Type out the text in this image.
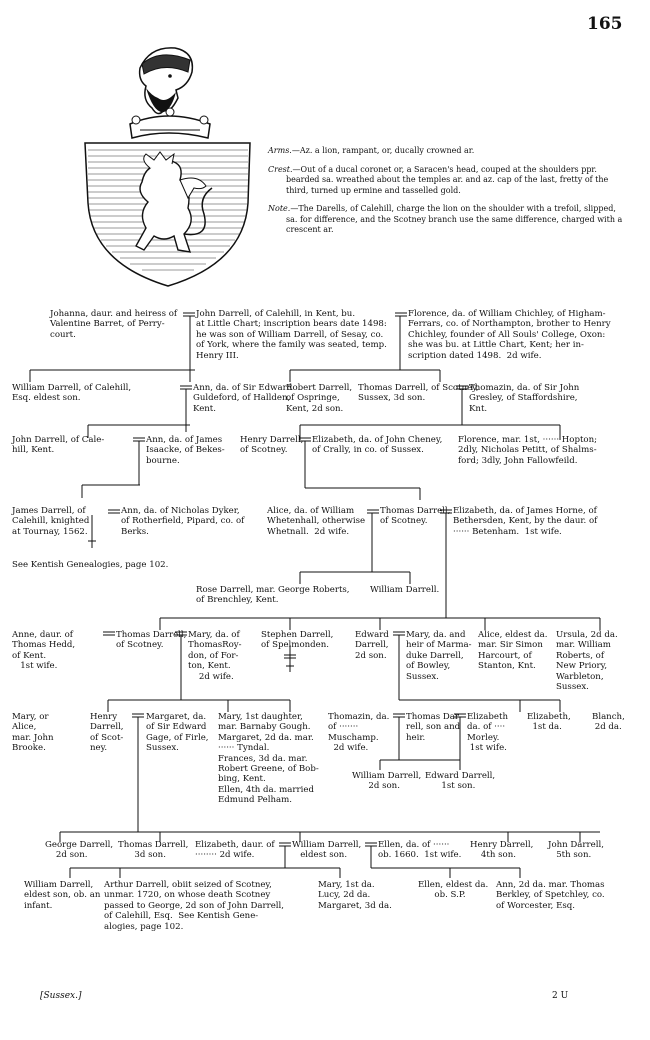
165
Arms.—Az. a lion, rampant, or, ducally crowned ar.
Crest.—Out of a ducal coronet or, a Saracen's head, couped at the shoulders ppr. bearded sa. wreathed about the temples ar. and az. cap of the last, fretty of the third, turned up ermine and tasselled gold.
Note.—The Darells, of Calehill, charge the lion on the shoulder with a trefoil, slipped, sa. for difference, and the Scotney branch use the same difference, charged with a crescent ar.
Johanna, daur. and heiress of
Valentine Barret, of Perry-
court.
John Darrell, of Calehill, in Kent, bu.
at Little Chart; inscription bears date 1498:
he was son of William Darrell, of Sesay, co.
of York, where the family was seated, temp.
Henry III.
Florence, da. of William Chichley, of Higham-
Ferrars, co. of Northampton, brother to Henry
Chichley, founder of All Souls' College, Oxon:
she was bu. at Little Chart, Kent; her in-
scription dated 1498.  2d wife.
William Darrell, of Calehill,
Esq. eldest son.
Ann, da. of Sir Edward
Guldeford, of Hallden,
Kent.
Robert Darrell,
of Ospringe,
Kent, 2d son.
Thomas Darrell, of Scotney,
Sussex, 3d son.
Thomazin, da. of Sir John
Gresley, of Staffordshire,
Knt.
John Darrell, of Cale-
hill, Kent.
Ann, da. of James
Isaacke, of Bekes-
bourne.
Henry Darrell,
of Scotney.
Elizabeth, da. of John Cheney,
of Crally, in co. of Sussex.
Florence, mar. 1st, ······ Hopton;
2dly, Nicholas Petitt, of Shalms-
ford; 3dly, John Fallowfeild.
James Darrell, of
Calehill, knighted
at Tournay, 1562.
Ann, da. of Nicholas Dyker,
of Rotherfield, Pipard, co. of
Berks.
Alice, da. of William
Whetenhall, otherwise
Whetnall.  2d wife.
Thomas Darrell,
of Scotney.
Elizabeth, da. of James Horne, of
Bethersden, Kent, by the daur. of
······ Betenham.  1st wife.
See Kentish Genealogies, page 102.
Rose Darrell, mar. George Roberts,
of Brenchley, Kent.
William Darrell.
Anne, daur. of
Thomas Hedd,
of Kent.
1st wife.
Thomas Darrell,
of Scotney.
Mary, da. of
ThomasRoy-
don, of For-
ton, Kent.
2d wife.
Stephen Darrell,
of Spelmonden.
Edward
Darrell,
2d son.
Mary, da. and
heir of Marma-
duke Darrell,
of Bowley,
Sussex.
Alice, eldest da.
mar. Sir Simon
Harcourt, of
Stanton, Knt.
Ursula, 2d da.
mar. William
Roberts, of
New Priory,
Warbleton,
Sussex.
Mary, or
Alice,
mar. John
Brooke.
Henry
Darrell,
of Scot-
ney.
Margaret, da.
of Sir Edward
Gage, of Firle,
Sussex.
Mary, 1st daughter,
mar. Barnaby Gough.
Margaret, 2d da. mar.
······ Tyndal.
Frances, 3d da. mar.
Robert Greene, of Bob-
bing, Kent.
Ellen, 4th da. married
Edmund Pelham.
Thomazin, da.
of ·······
Muschamp.
2d wife.
Thomas Dar-
rell, son and
heir.
Elizabeth
da. of ····
Morley.
1st wife.
Elizabeth,
1st da.
Blanch,
2d da.
William Darrell,
2d son.
Edward Darrell,
1st son.
George Darrell,
2d son.
Thomas Darrell,
3d son.
Elizabeth, daur. of
········ 2d wife.
William Darrell,
eldest son.
Ellen, da. of ······
ob. 1660.  1st wife.
Henry Darrell,
4th son.
John Darrell,
5th son.
William Darrell,
eldest son, ob. an
infant.
Arthur Darrell, obiit seized of Scotney,
unmar. 1720, on whose death Scotney
passed to George, 2d son of John Darrell,
of Calehill, Esq.  See Kentish Gene-
alogies, page 102.
Mary, 1st da.
Lucy, 2d da.
Margaret, 3d da.
Ellen, eldest da.
ob. S.P.
Ann, 2d da. mar. Thomas
Berkley, of Spetchley, co.
of Worcester, Esq.
[Sussex.]	2 U
